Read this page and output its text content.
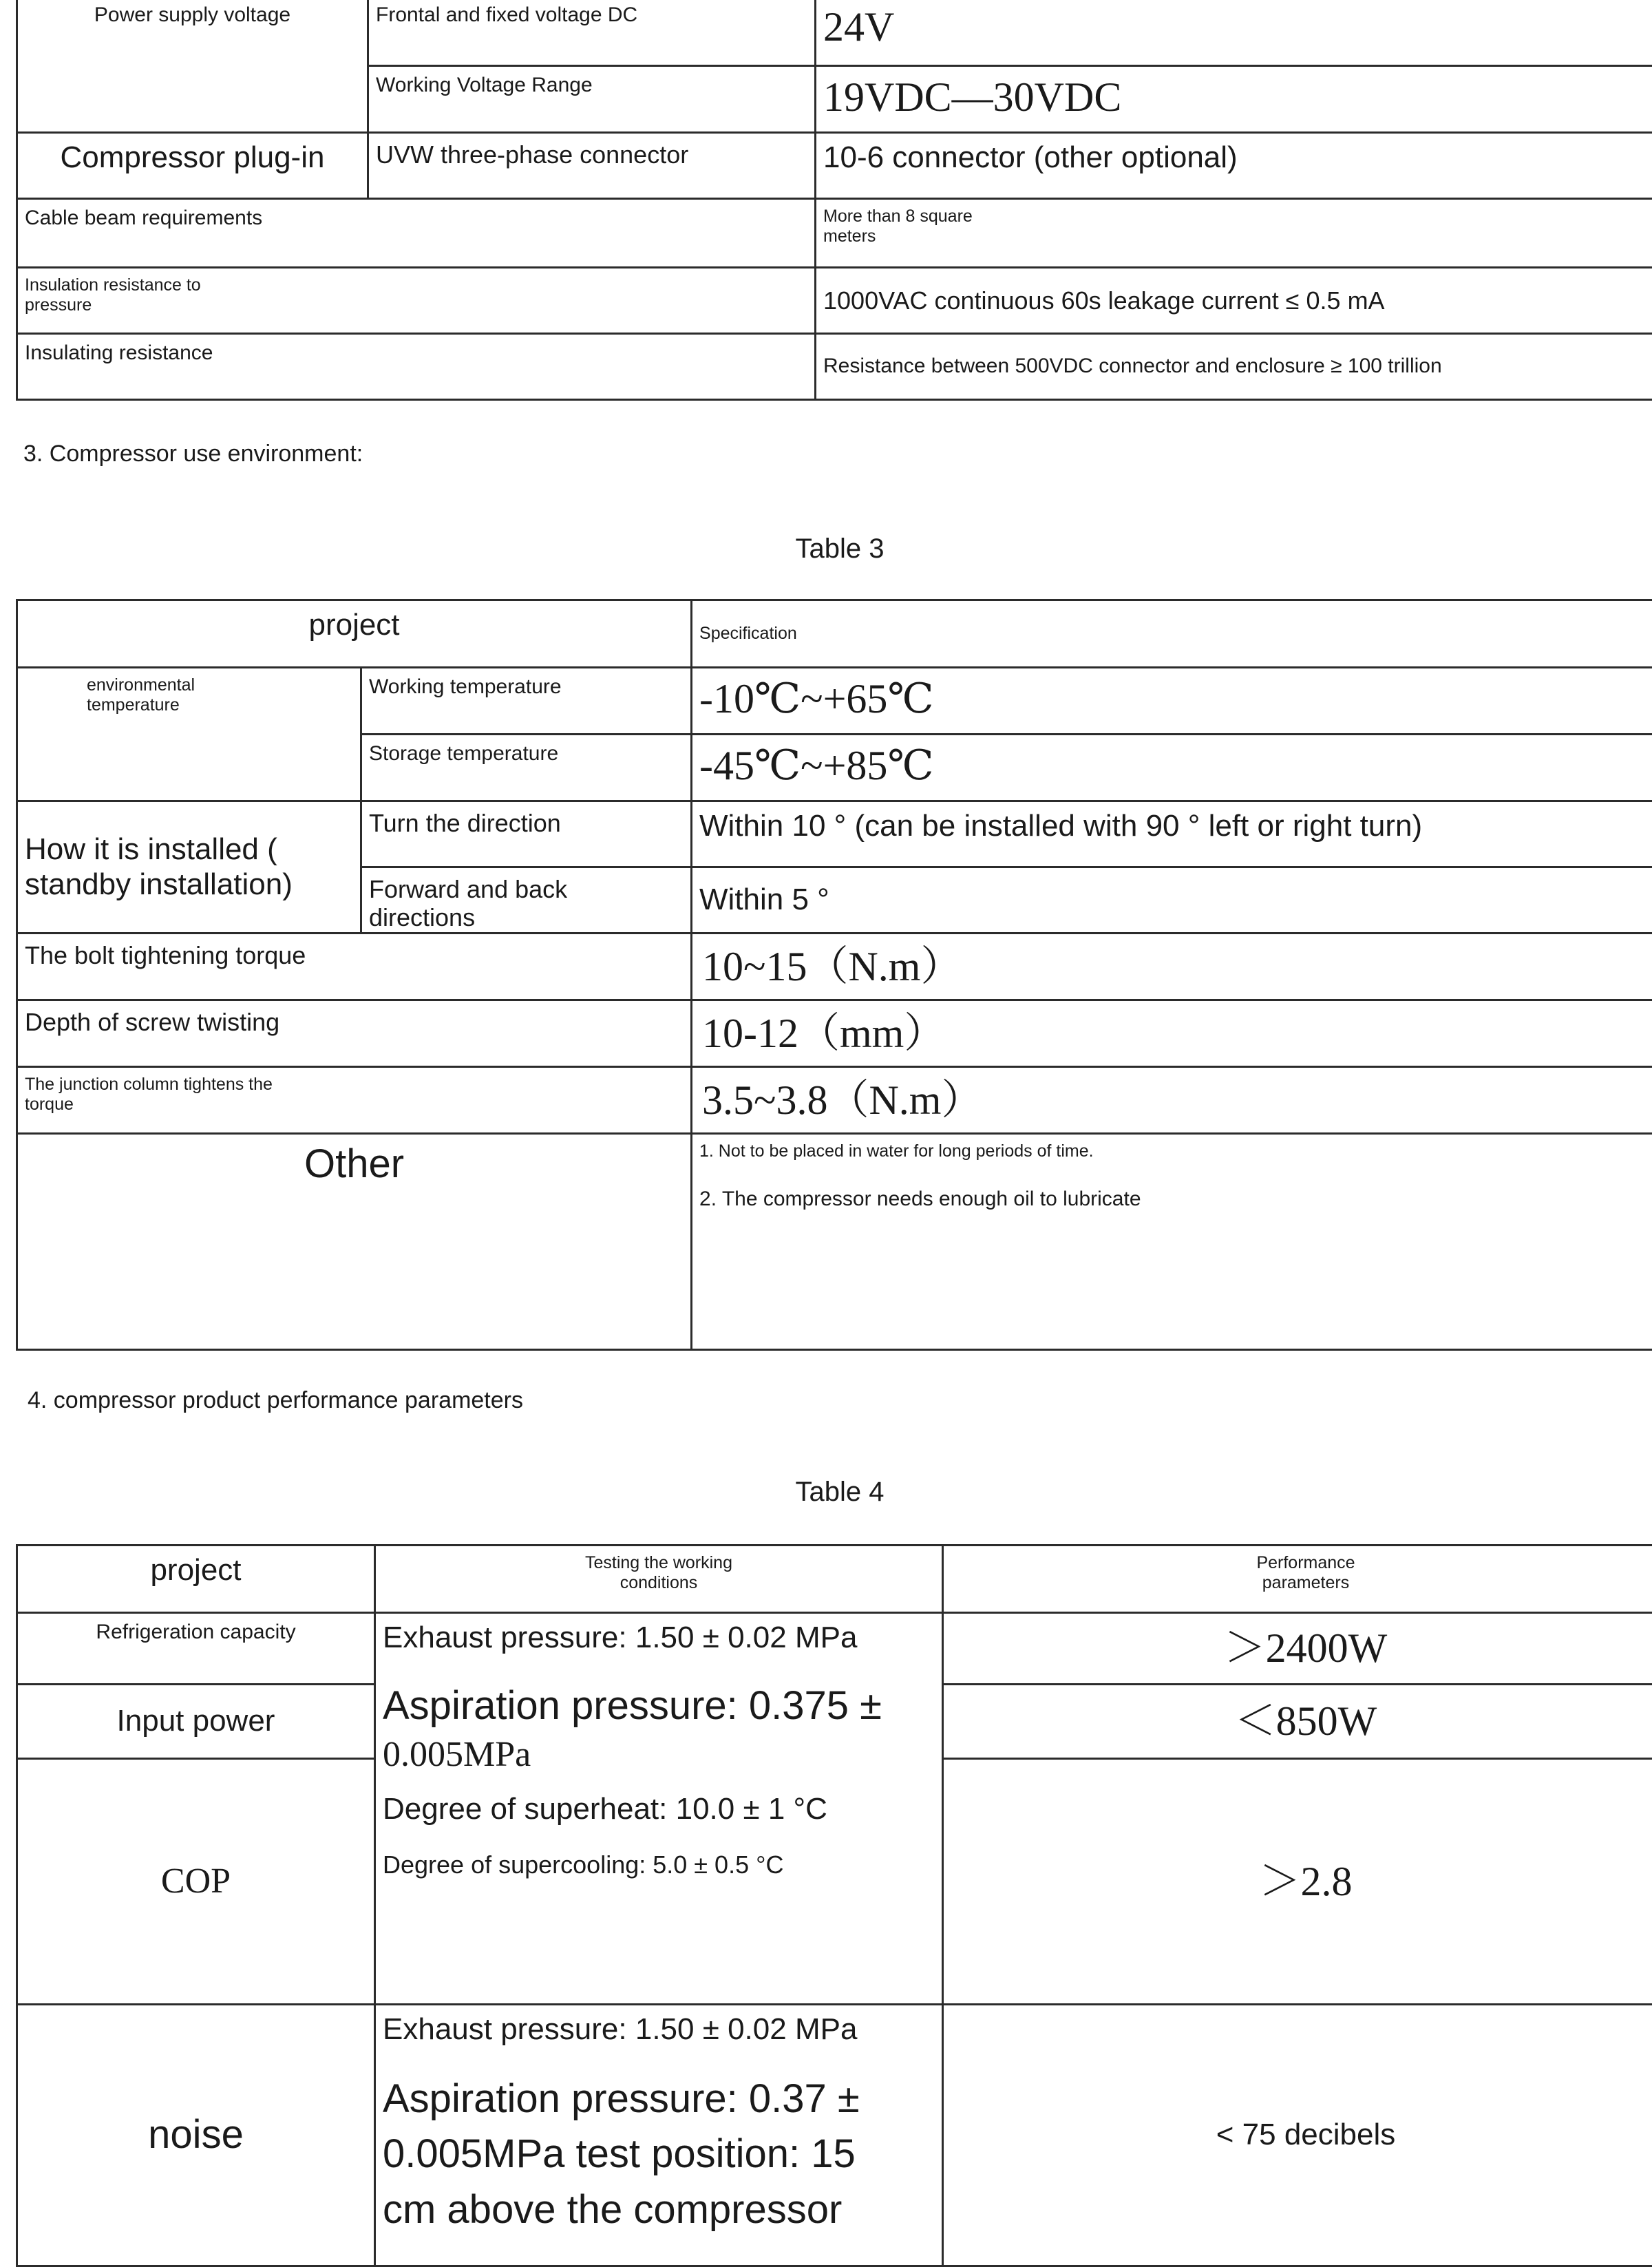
Power supply voltage	Frontal and fixed voltage DC	24V
	Working Voltage Range	19VDC—30VDC
Compressor plug-in	UVW three-phase connector	10-6 connector (other optional)
Cable beam requirements		More than 8 square
meters

Insulation resistance to
pressure		1000VAC continuous 60s leakage current ≤ 0.5 mA
Insulating resistance		Resistance between 500VDC connector and enclosure ≥ 100 trillion
3. Compressor use environment:
Table 3
project		Specification

environmental
temperature	Working temperature	-10℃~+65℃
	Storage temperature	-45℃~+85℃

How it is installed (
standby installation)	Turn the direction	Within 10 ° (can be installed with 90 ° left or right turn)

	Forward and back
directions	Within 5 °
The bolt tightening torque		10~15（N.m）
Depth of screw twisting		10-12（mm）

The junction column tightens the
torque		3.5~3.8（N.m）
Other		1. Not to be placed in water for long periods of time.
2. The compressor needs enough oil to lubricate
4. compressor product performance parameters
Table 4
project	Testing the working
conditions	Performance
parameters

Refrigeration capacity	Exhaust pressure: 1.50 ± 0.02 MPa
Aspiration pressure: 0.375 ±
0.005MPa
Degree of superheat: 10.0 ± 1 °C
Degree of supercooling: 5.0 ± 0.5 °C	＞2400W
Input power		＜850W
COP		＞2.8
noise	Exhaust pressure: 1.50 ± 0.02 MPa
Aspiration pressure: 0.37 ±
0.005MPa test position: 15
cm above the compressor	< 75 decibels
